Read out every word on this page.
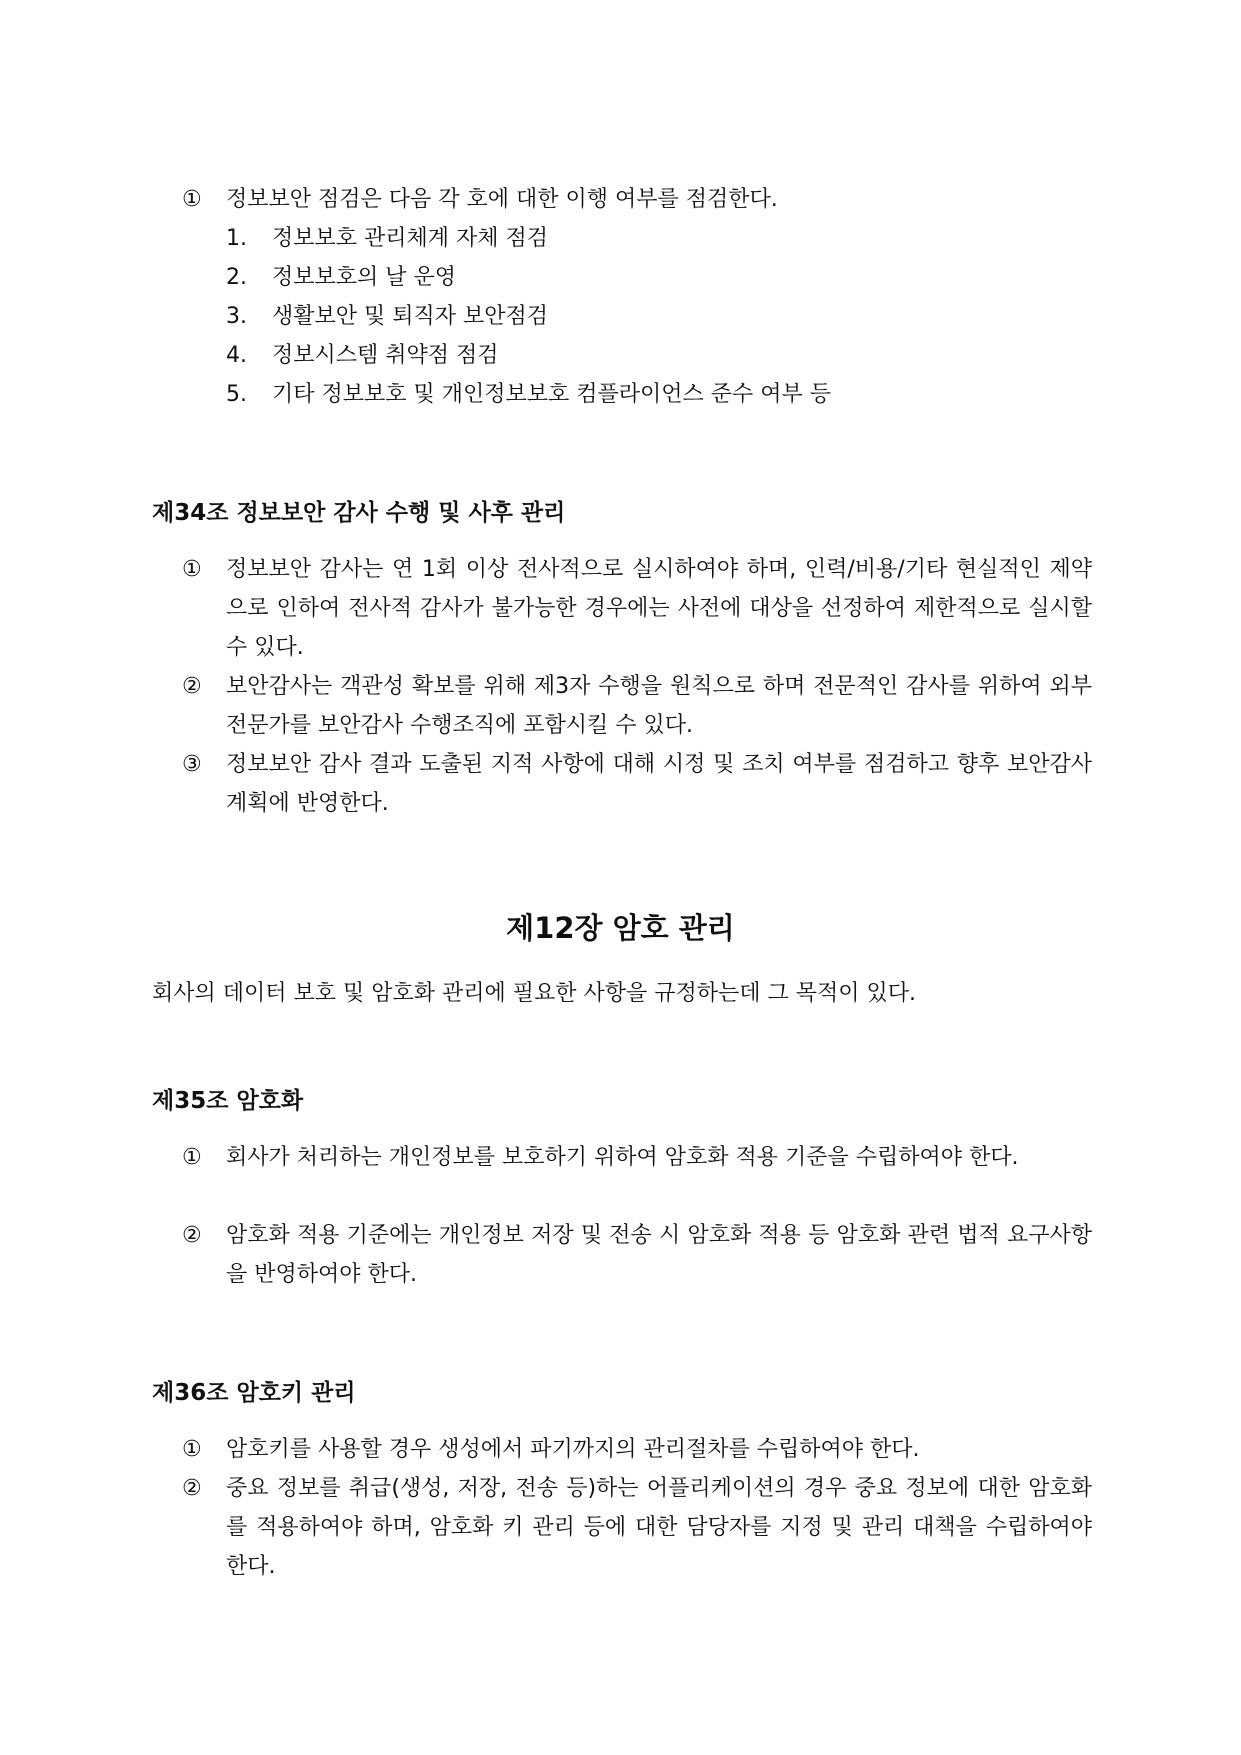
①	정보보안 점검은 다음 각 호에 대한 이행 여부를 점검한다.
1. 정보보호 관리체계 자체 점검
2. 정보보호의 날 운영
3. 생활보안 및 퇴직자 보안점검
4. 정보시스템 취약점 점검
5. 기타 정보보호 및 개인정보보호 컴플라이언스 준수 여부 등
제34조 정보보안 감사 수행 및 사후 관리
①	정보보안 감사는 연 1회 이상 전사적으로 실시하여야 하며, 인력/비용/기타 현실적인 제약으로 인하여 전사적 감사가 불가능한 경우에는 사전에 대상을 선정하여 제한적으로 실시할 수 있다.
②	보안감사는 객관성 확보를 위해 제3자 수행을 원칙으로 하며 전문적인 감사를 위하여 외부전문가를 보안감사 수행조직에 포함시킬 수 있다.
③	정보보안 감사 결과 도출된 지적 사항에 대해 시정 및 조치 여부를 점검하고 향후 보안감사 계획에 반영한다.
제12장 암호 관리
회사의 데이터 보호 및 암호화 관리에 필요한 사항을 규정하는데 그 목적이 있다.
제35조 암호화
①	회사가 처리하는 개인정보를 보호하기 위하여 암호화 적용 기준을 수립하여야 한다.
②	암호화 적용 기준에는 개인정보 저장 및 전송 시 암호화 적용 등 암호화 관련 법적 요구사항을 반영하여야 한다.
제36조 암호키 관리
①	암호키를 사용할 경우 생성에서 파기까지의 관리절차를 수립하여야 한다.
②	중요 정보를 취급(생성, 저장, 전송 등)하는 어플리케이션의 경우 중요 정보에 대한 암호화를 적용하여야 하며, 암호화 키 관리 등에 대한 담당자를 지정 및 관리 대책을 수립하여야 한다.
